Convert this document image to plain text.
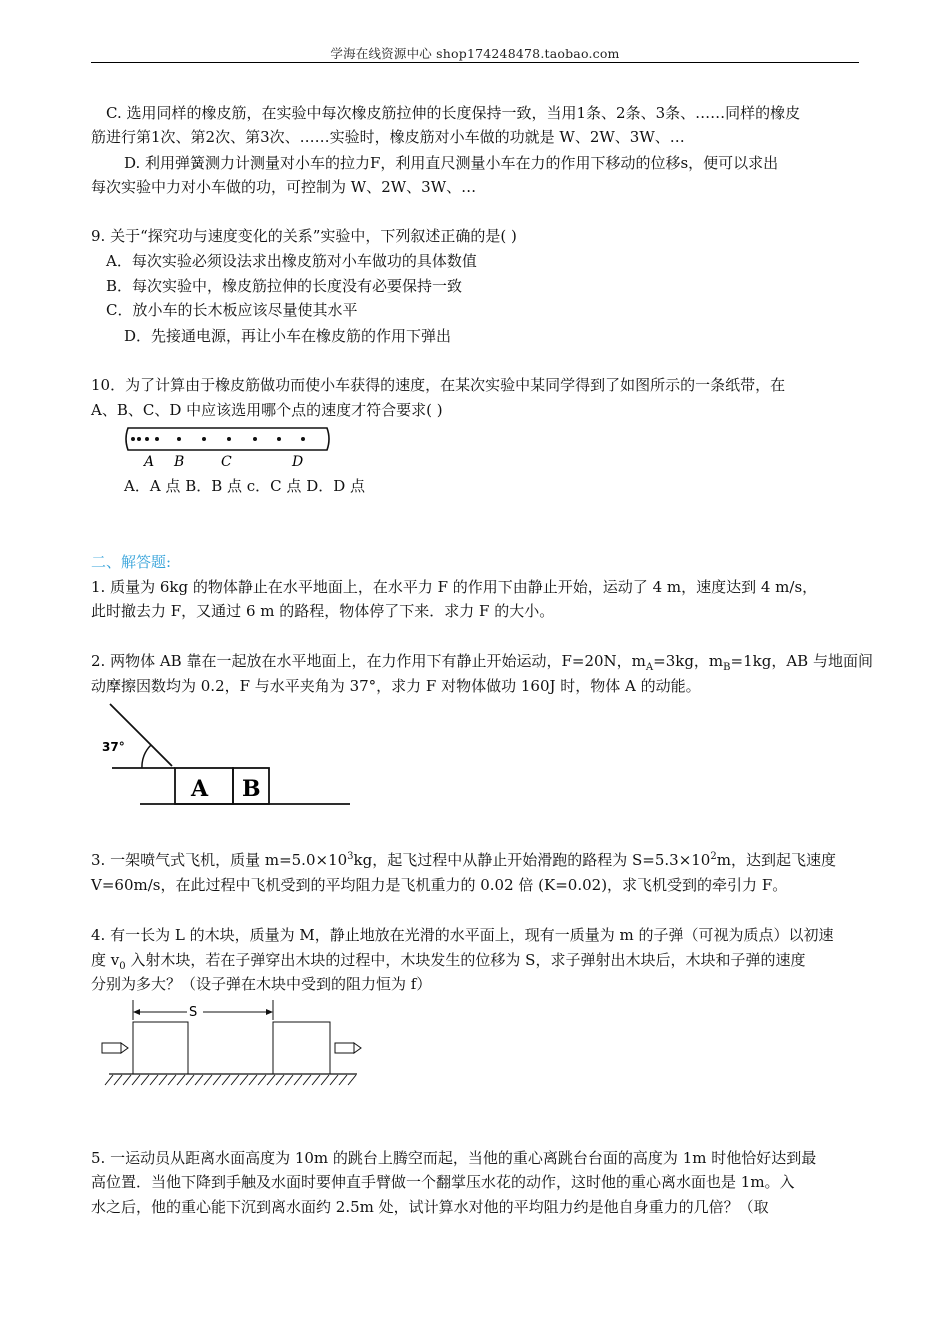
学海在线资源中心 shop174248478.taobao.com
C. 选用同样的橡皮筋，在实验中每次橡皮筋拉伸的长度保持一致，当用1条、2条、3条、……同样的橡皮
筋进行第1次、第2次、第3次、……实验时，橡皮筋对小车做的功就是 W、2W、3W、…
D. 利用弹簧测力计测量对小车的拉力F，利用直尺测量小车在力的作用下移动的位移s，便可以求出
每次实验中力对小车做的功，可控制为 W、2W、3W、…
9. 关于“探究功与速度变化的关系”实验中，下列叙述正确的是( )
A．每次实验必须设法求出橡皮筋对小车做功的具体数值
B．每次实验中，橡皮筋拉伸的长度没有必要保持一致
C．放小车的长木板应该尽量使其水平
D．先接通电源，再让小车在橡皮筋的作用下弹出
10．为了计算由于橡皮筋做功而使小车获得的速度，在某次实验中某同学得到了如图所示的一条纸带，在
A、B、C、D 中应该选用哪个点的速度才符合要求( )
A B	C	D
A．A 点 B．B 点 c．C 点 D．D 点
二、解答题:
1. 质量为 6kg 的物体静止在水平地面上，在水平力 F 的作用下由静止开始，运动了 4 m，速度达到 4 m/s，
此时撤去力 F，又通过 6 m 的路程，物体停了下来．求力 F 的大小。
2. 两物体 AB 靠在一起放在水平地面上，在力作用下有静止开始运动，F=20N，$m_A=3kg$，$m_B=1kg$，AB 与地面间
动摩擦因数均为 0.2，F 与水平夹角为 37°，求力 F 对物体做功 160J 时，物体 A 的动能。
37°
A B
3. 一架喷气式飞机，质量 $m=5.0\times 10^3kg$，起飞过程中从静止开始滑跑的路程为 $S=5.3\times 10^2m$，达到起飞速度
V=60m/s，在此过程中飞机受到的平均阻力是飞机重力的 0.02 倍 (K=0.02)，求飞机受到的牵引力 F。
4. 有一长为 L 的木块，质量为 M，静止地放在光滑的水平面上，现有一质量为 m 的子弹（可视为质点）以初速
度 $v_0$ 入射木块，若在子弹穿出木块的过程中，木块发生的位移为 S，求子弹射出木块后，木块和子弹的速度
分别为多大？（设子弹在木块中受到的阻力恒为 f）
S
5. 一运动员从距离水面高度为 10m 的跳台上腾空而起，当他的重心离跳台台面的高度为 1m 时他恰好达到最
高位置．当他下降到手触及水面时要伸直手臂做一个翻掌压水花的动作，这时他的重心离水面也是 1m。入
水之后，他的重心能下沉到离水面约 2.5m 处，试计算水对他的平均阻力约是他自身重力的几倍？（取
